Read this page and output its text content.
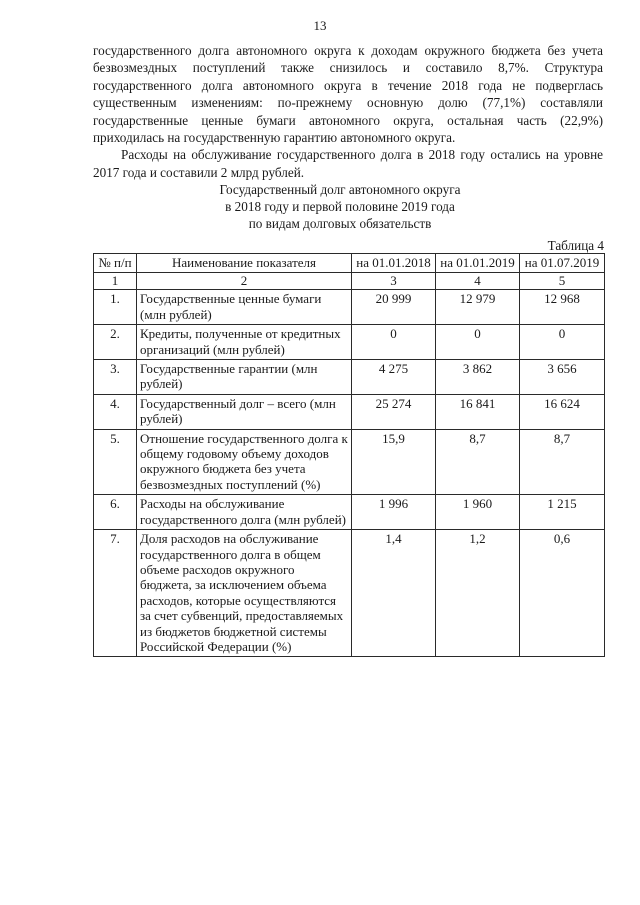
13

государственного долга автономного округа к доходам окружного бюджета без учета безвозмездных поступлений также снизилось и составило 8,7%. Структура государственного долга автономного округа в течение 2018 года не подверглась существенным изменениям: по-прежнему основную долю (77,1%) составляли государственные ценные бумаги автономного округа, остальная часть (22,9%) приходилась на государственную гарантию автономного округа.

Расходы на обслуживание государственного долга в 2018 году остались на уровне 2017 года и составили 2 млрд рублей.

Государственный долг автономного округа
в 2018 году и первой половине 2019 года
по видам долговых обязательств
Таблица 4
№ п/п	Наименование показателя	на 01.01.2018	на 01.01.2019	на 01.07.2019
1	2	3	4	5
1.	Государственные ценные бумаги (млн рублей)	20 999	12 979	12 968
2.	Кредиты, полученные от кредитных организаций (млн рублей)	0	0	0
3.	Государственные гарантии (млн рублей)	4 275	3 862	3 656
4.	Государственный долг – всего (млн рублей)	25 274	16 841	16 624
5.	Отношение государственного долга к общему годовому объему доходов окружного бюджета без учета безвозмездных поступлений (%)	15,9	8,7	8,7
6.	Расходы на обслуживание государственного долга (млн рублей)	1 996	1 960	1 215
7.	Доля расходов на обслуживание государственного долга в общем объеме расходов окружного бюджета, за исключением объема расходов, которые осуществляются за счет субвенций, предоставляемых из бюджетов бюджетной системы Российской Федерации (%)	1,4	1,2	0,6
